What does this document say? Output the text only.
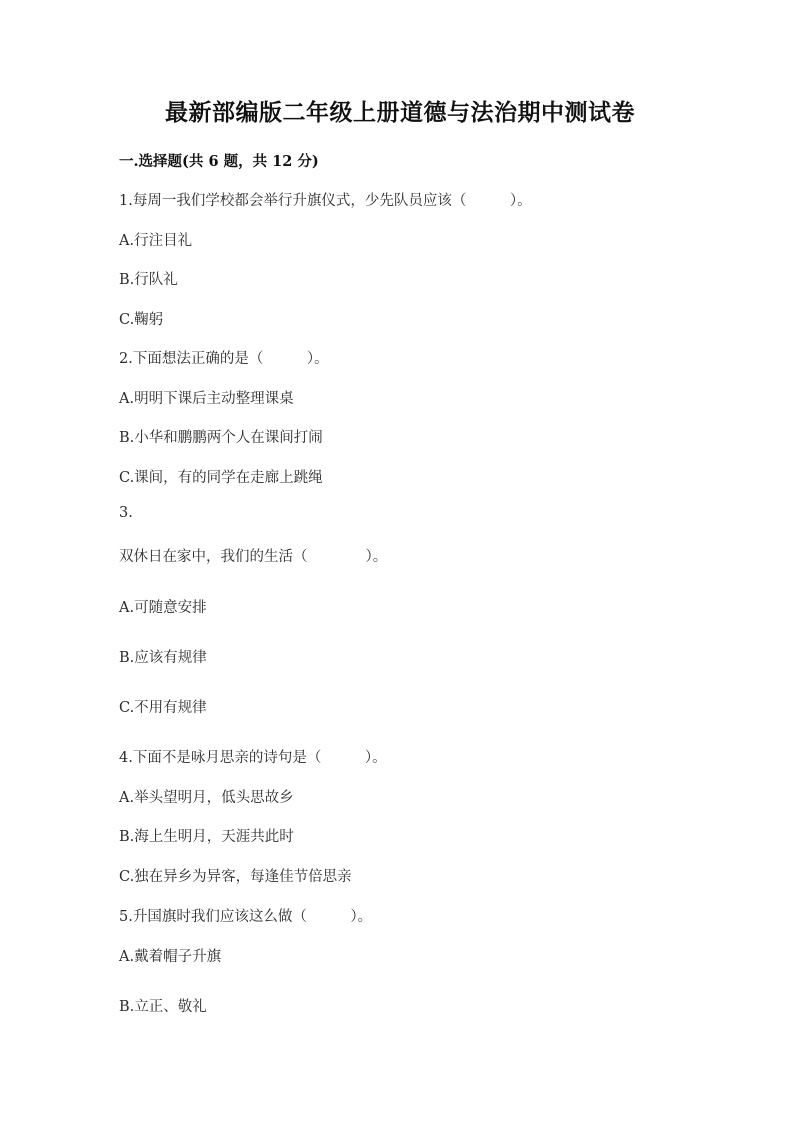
最新部编版二年级上册道德与法治期中测试卷
一.选择题(共 6 题，共 12 分)
1.每周一我们学校都会举行升旗仪式，少先队员应该（　　　）。
A.行注目礼
B.行队礼
C.鞠躬
2.下面想法正确的是（　　　）。
A.明明下课后主动整理课桌
B.小华和鹏鹏两个人在课间打闹
C.课间，有的同学在走廊上跳绳
3.
双休日在家中，我们的生活（　　　　）。
A.可随意安排
B.应该有规律
C.不用有规律
4.下面不是咏月思亲的诗句是（　　　）。
A.举头望明月，低头思故乡
B.海上生明月，天涯共此时
C.独在异乡为异客，每逢佳节倍思亲
5.升国旗时我们应该这么做（　　　）。
A.戴着帽子升旗
B.立正、敬礼
